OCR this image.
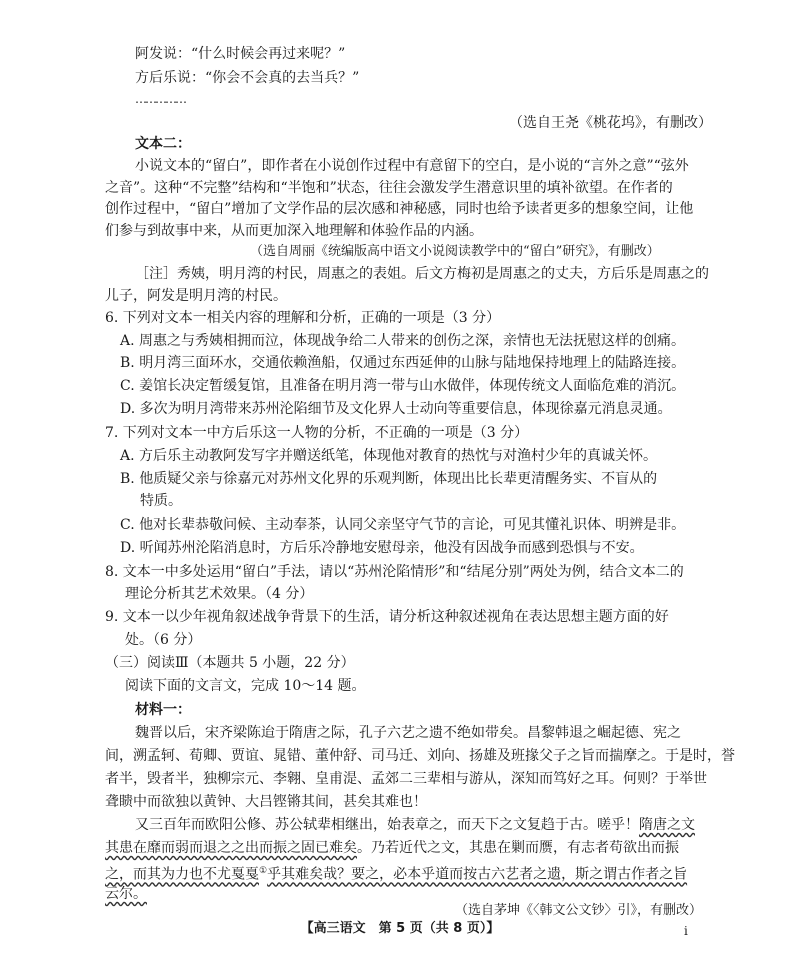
阿发说：“什么时候会再过来呢？”
方后乐说：“你会不会真的去当兵？”
……………
（选自王尧《桃花坞》，有删改）
文本二：
小说文本的“留白”，即作者在小说创作过程中有意留下的空白，是小说的“言外之意”“弦外
之音”。这种“不完整”结构和“半饱和”状态，往往会激发学生潜意识里的填补欲望。在作者的
创作过程中，“留白”增加了文学作品的层次感和神秘感，同时也给予读者更多的想象空间，让他
们参与到故事中来，从而更加深入地理解和体验作品的内涵。
（选自周丽《统编版高中语文小说阅读教学中的“留白”研究》，有删改）
［注］秀姨，明月湾的村民，周惠之的表姐。后文方梅初是周惠之的丈夫，方后乐是周惠之的
儿子，阿发是明月湾的村民。
6. 下列对文本一相关内容的理解和分析，正确的一项是（3 分）
A. 周惠之与秀姨相拥而泣，体现战争给二人带来的创伤之深，亲情也无法抚慰这样的创痛。
B. 明月湾三面环水，交通依赖渔船，仅通过东西延伸的山脉与陆地保持地理上的陆路连接。
C. 姜馆长决定暂缓复馆，且准备在明月湾一带与山水做伴，体现传统文人面临危难的消沉。
D. 多次为明月湾带来苏州沦陷细节及文化界人士动向等重要信息，体现徐嘉元消息灵通。
7. 下列对文本一中方后乐这一人物的分析，不正确的一项是（3 分）
A. 方后乐主动教阿发写字并赠送纸笔，体现他对教育的热忱与对渔村少年的真诚关怀。
B. 他质疑父亲与徐嘉元对苏州文化界的乐观判断，体现出比长辈更清醒务实、不盲从的
特质。
C. 他对长辈恭敬问候、主动奉茶，认同父亲坚守气节的言论，可见其懂礼识体、明辨是非。
D. 听闻苏州沦陷消息时，方后乐冷静地安慰母亲，他没有因战争而感到恐惧与不安。
8. 文本一中多处运用“留白”手法，请以“苏州沦陷情形”和“结尾分别”两处为例，结合文本二的
理论分析其艺术效果。（4 分）
9. 文本一以少年视角叙述战争背景下的生活，请分析这种叙述视角在表达思想主题方面的好
处。（6 分）
（三）阅读Ⅲ（本题共 5 小题，22 分）
阅读下面的文言文，完成 10～14 题。
材料一：
魏晋以后，宋齐梁陈迨于隋唐之际，孔子六艺之遗不绝如带矣。昌黎韩退之崛起德、宪之
间，溯孟轲、荀卿、贾谊、晁错、董仲舒、司马迁、刘向、扬雄及班掾父子之旨而揣摩之。于是时，誉
者半，毁者半，独柳宗元、李翱、皇甫湜、孟郊二三辈相与游从，深知而笃好之耳。何则？于举世
聋瞆中而欲独以黄钟、大吕铿锵其间，甚矣其难也！
又三百年而欧阳公修、苏公轼辈相继出，始表章之，而天下之文复趋于古。嗟乎！隋唐之文
其患在靡而弱而退之之出而振之固已难矣。乃若近代之文，其患在剿而赝，有志者苟欲出而振
之，而其为力也不尤戛戛①乎其难矣哉？要之，必本乎道而按古六艺者之遗，斯之谓古作者之旨
云尔。
（选自茅坤《〈韩文公文钞〉引》，有删改）
【高三语文　第 5 页（共 8 页）】	ⅰ
